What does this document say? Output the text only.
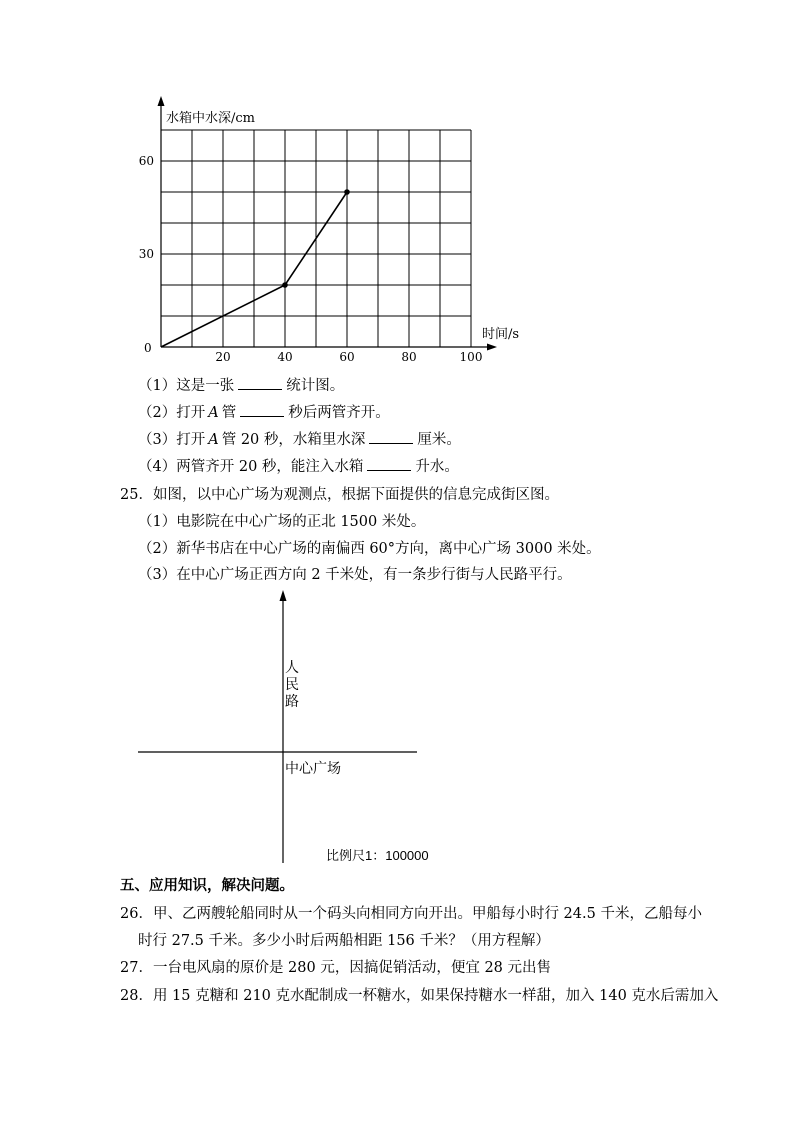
水箱中水深/cm
时间/s
0
20	40	60	80	100
30
60
（1）这是一张	统计图。
（2）打开 A 管	秒后两管齐开。
（3）打开 A 管 20 秒，水箱里水深	厘米。
（4）两管齐开 20 秒，能注入水箱	升水。
25．如图，以中心广场为观测点，根据下面提供的信息完成街区图。
（1）电影院在中心广场的正北 1500 米处。
（2）新华书店在中心广场的南偏西 60°方向，离中心广场 3000 米处。
（3）在中心广场正西方向 2 千米处，有一条步行街与人民路平行。
人
民
路
中心广场
比例尺1：100000
五、应用知识，解决问题。
26．甲、乙两艘轮船同时从一个码头向相同方向开出。甲船每小时行 24.5 千米，乙船每小
时行 27.5 千米。多少小时后两船相距 156 千米？（用方程解）
27．一台电风扇的原价是 280 元，因搞促销活动，便宜 28 元出售
28．用 15 克糖和 210 克水配制成一杯糖水，如果保持糖水一样甜，加入 140 克水后需加入
